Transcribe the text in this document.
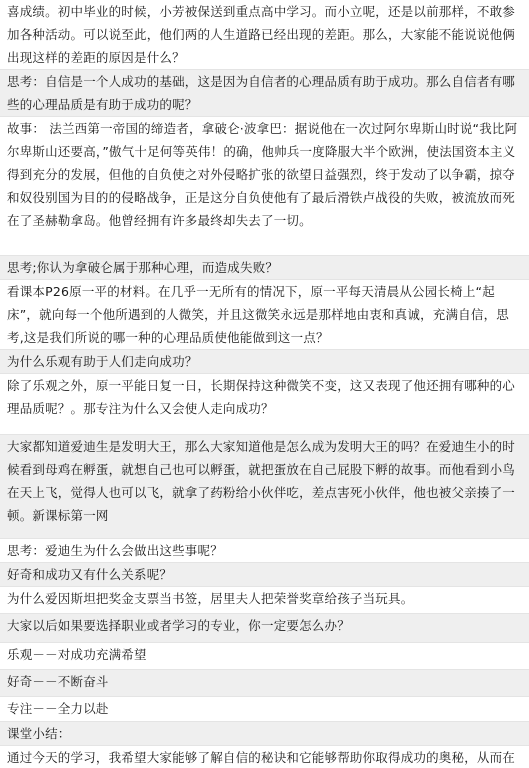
喜成绩。初中毕业的时候，小芳被保送到重点高中学习。而小立呢，还是以前那样，不敢参加各种活动。可以说至此，他们两的人生道路已经出现的差距。那么，大家能不能说说他俩出现这样的差距的原因是什么？
思考：自信是一个人成功的基础，这是因为自信者的心理品质有助于成功。那么自信者有哪些的心理品质是有助于成功的呢？
故事： 法兰西第一帝国的缔造者，拿破仑·波拿巴：据说他在一次过阿尔卑斯山时说“我比阿尔卑斯山还要高，”傲气十足何等英伟！的确，他帅兵一度降服大半个欧洲，使法国资本主义得到充分的发展，但他的自负使之对外侵略扩张的欲望日益强烈，终于发动了以争霸，掠夺和奴役别国为目的的侵略战争，正是这分自负使他有了最后滑铁卢战役的失败，被流放而死在了圣赫勒拿岛。他曾经拥有许多最终却失去了一切。
思考;你认为拿破仑属于那种心理，而造成失败？
看课本P26原一平的材料。在几乎一无所有的情况下，原一平每天清晨从公园长椅上“起床”，就向每一个他所遇到的人微笑，并且这微笑永远是那样地由衷和真诚，充满自信，思考,这是我们所说的哪一种的心理品质使他能做到这一点？
为什么乐观有助于人们走向成功？
除了乐观之外，原一平能日复一日，长期保持这种微笑不变，这又表现了他还拥有哪种的心理品质呢？。那专注为什么又会使人走向成功？
大家都知道爱迪生是发明大王，那么大家知道他是怎么成为发明大王的吗？在爱迪生小的时候看到母鸡在孵蛋，就想自己也可以孵蛋，就把蛋放在自己屁股下孵的故事。而他看到小鸟在天上飞，觉得人也可以飞，就拿了药粉给小伙伴吃，差点害死小伙伴，他也被父亲揍了一顿。新课标第一网
思考：爱迪生为什么会做出这些事呢？
好奇和成功又有什么关系呢？
为什么爱因斯坦把奖金支票当书签，居里夫人把荣誉奖章给孩子当玩具。
大家以后如果要选择职业或者学习的专业，你一定要怎么办？
乐观－－对成功充满希望
好奇－－不断奋斗
专注－－全力以赴
课堂小结：
通过今天的学习，我希望大家能够了解自信的秘诀和它能够帮助你取得成功的奥秘，从而在
